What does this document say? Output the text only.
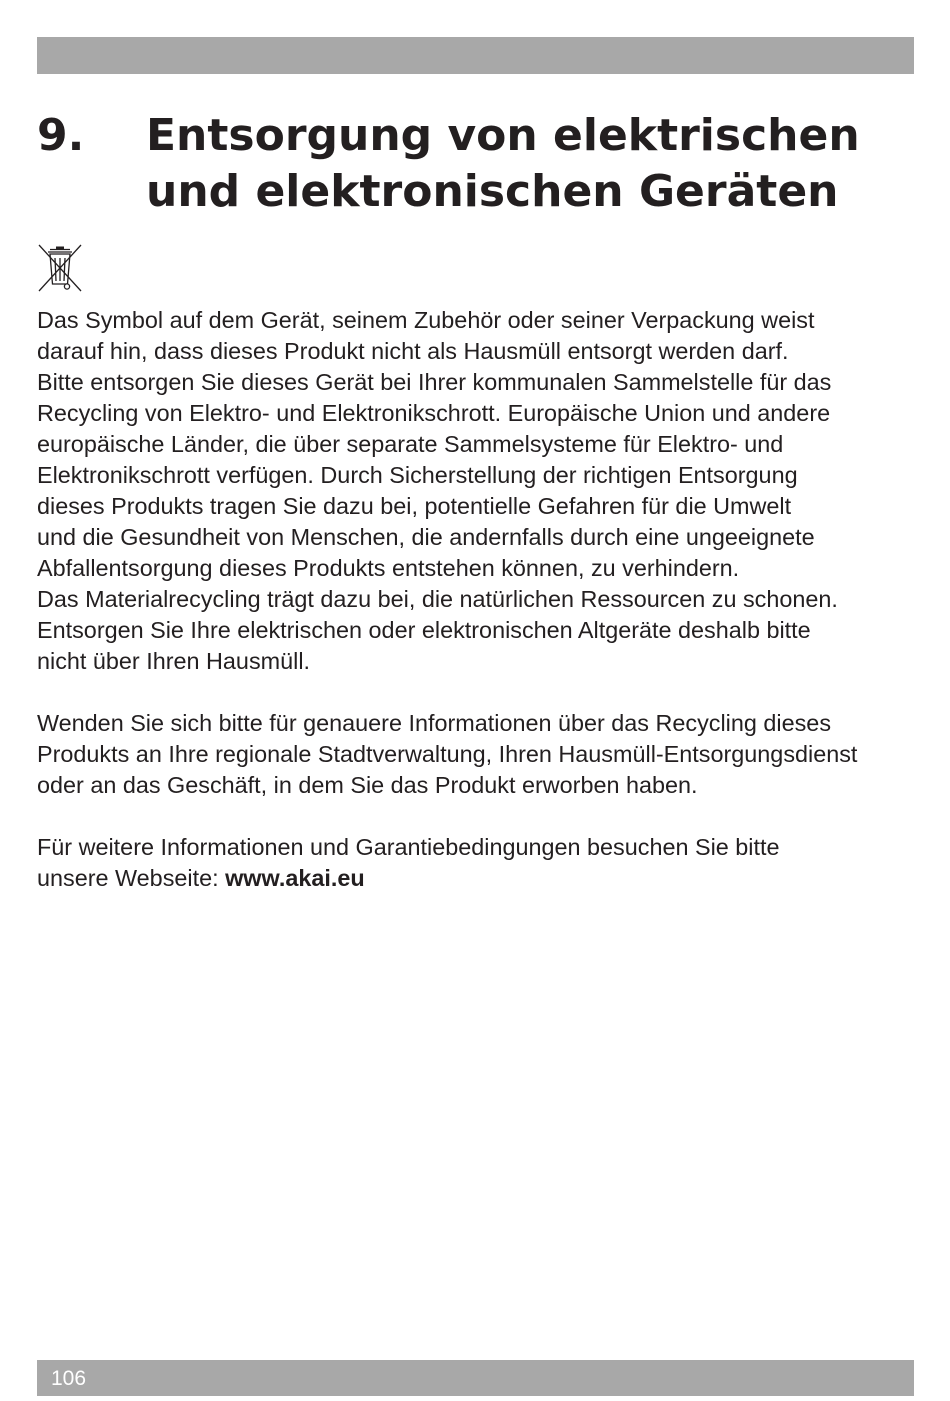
9. Entsorgung von elektrischen
und elektronischen Geräten
Das Symbol auf dem Gerät, seinem Zubehör oder seiner Verpackung weist
darauf hin, dass dieses Produkt nicht als Hausmüll entsorgt werden darf.
Bitte entsorgen Sie dieses Gerät bei Ihrer kommunalen Sammelstelle für das
Recycling von Elektro- und Elektronikschrott. Europäische Union und andere
europäische Länder, die über separate Sammelsysteme für Elektro- und
Elektronikschrott verfügen. Durch Sicherstellung der richtigen Entsorgung
dieses Produkts tragen Sie dazu bei, potentielle Gefahren für die Umwelt
und die Gesundheit von Menschen, die andernfalls durch eine ungeeignete
Abfallentsorgung dieses Produkts entstehen können, zu verhindern.
Das Materialrecycling trägt dazu bei, die natürlichen Ressourcen zu schonen.
Entsorgen Sie Ihre elektrischen oder elektronischen Altgeräte deshalb bitte
nicht über Ihren Hausmüll.
Wenden Sie sich bitte für genauere Informationen über das Recycling dieses
Produkts an Ihre regionale Stadtverwaltung, Ihren Hausmüll-Entsorgungsdienst
oder an das Geschäft, in dem Sie das Produkt erworben haben.
Für weitere Informationen und Garantiebedingungen besuchen Sie bitte
unsere Webseite: www.akai.eu
106
